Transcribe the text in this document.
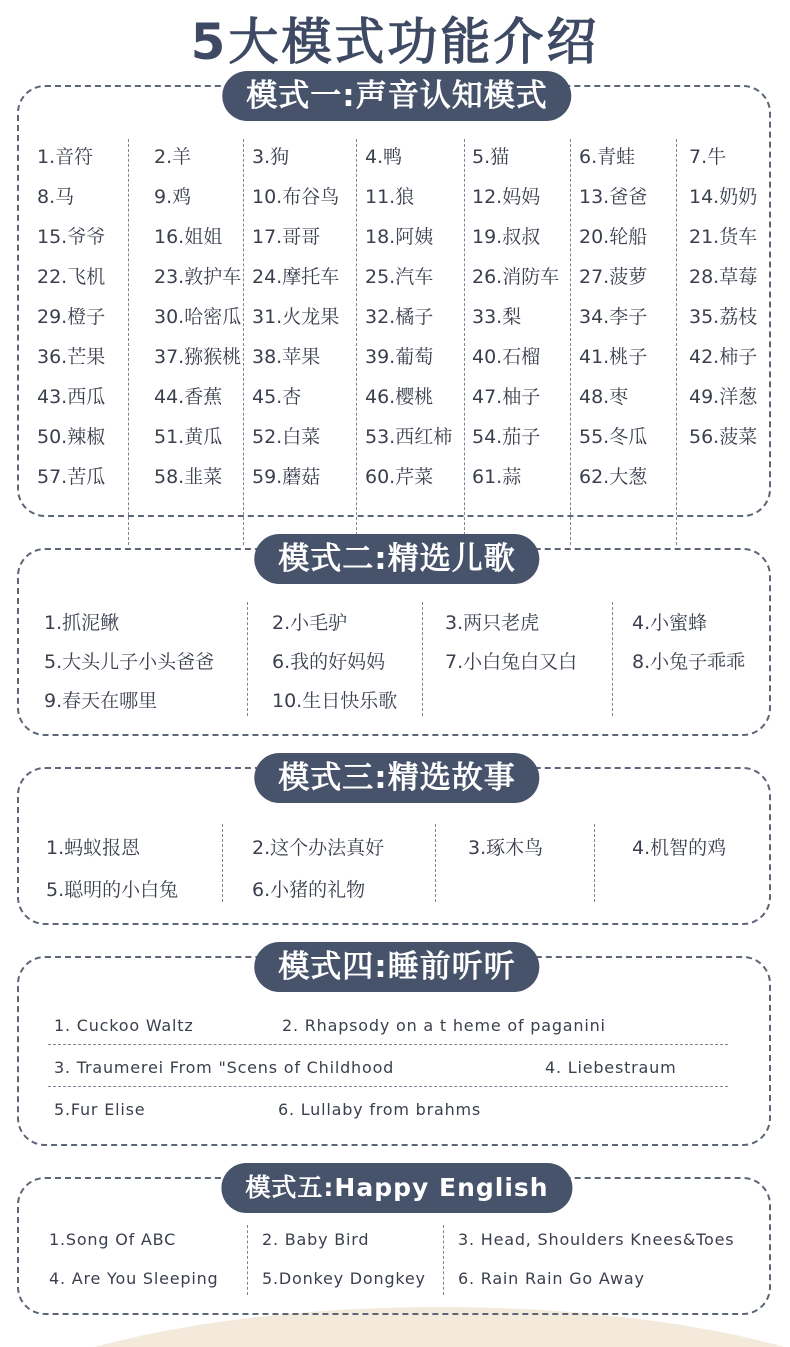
5大模式功能介绍
模式一:声音认知模式
1.音符	2.羊	3.狗	4.鸭	5.猫	6.青蛙	7.牛
8.马	9.鸡	10.布谷鸟 11.狼	12.妈妈 13.爸爸 14.奶奶
15.爷爷	16.姐姐 17.哥哥 18.阿姨 19.叔叔 20.轮船 21.货车
22.飞机	23.敦护车 24.摩托车 25.汽车 26.消防车 27.菠萝 28.草莓
29.橙子	30.哈密瓜 31.火龙果 32.橘子 33.梨	34.李子 35.荔枝
36.芒果	37.猕猴桃 38.苹果 39.葡萄 40.石榴 41.桃子 42.柿子
43.西瓜	44.香蕉 45.杏	46.樱桃 47.柚子 48.枣	49.洋葱
50.辣椒	51.黄瓜 52.白菜 53.西红柿 54.茄子 55.冬瓜 56.菠菜
57.苦瓜	58.韭菜 59.蘑菇 60.芹菜 61.蒜	62.大葱
模式二:精选儿歌
1.抓泥鳅	2.小毛驴	3.两只老虎	4.小蜜蜂
5.大头儿子小头爸爸	6.我的好妈妈	7.小白兔白又白	8.小兔子乖乖
9.春天在哪里	10.生日快乐歌
模式三:精选故事
1.蚂蚁报恩	2.这个办法真好	3.琢木鸟	4.机智的鸡
5.聪明的小白兔	6.小猪的礼物
模式四:睡前听听
1. Cuckoo Waltz	2. Rhapsody on a t heme of paganini
3. Traumerei From "Scens of Childhood	4. Liebestraum
5.Fur Elise	6. Lullaby from brahms
模式五:Happy English
1.Song Of ABC	2. Baby Bird	3. Head, Shoulders Knees&Toes
4. Are You Sleeping	5.Donkey Dongkey 6. Rain Rain Go Away
